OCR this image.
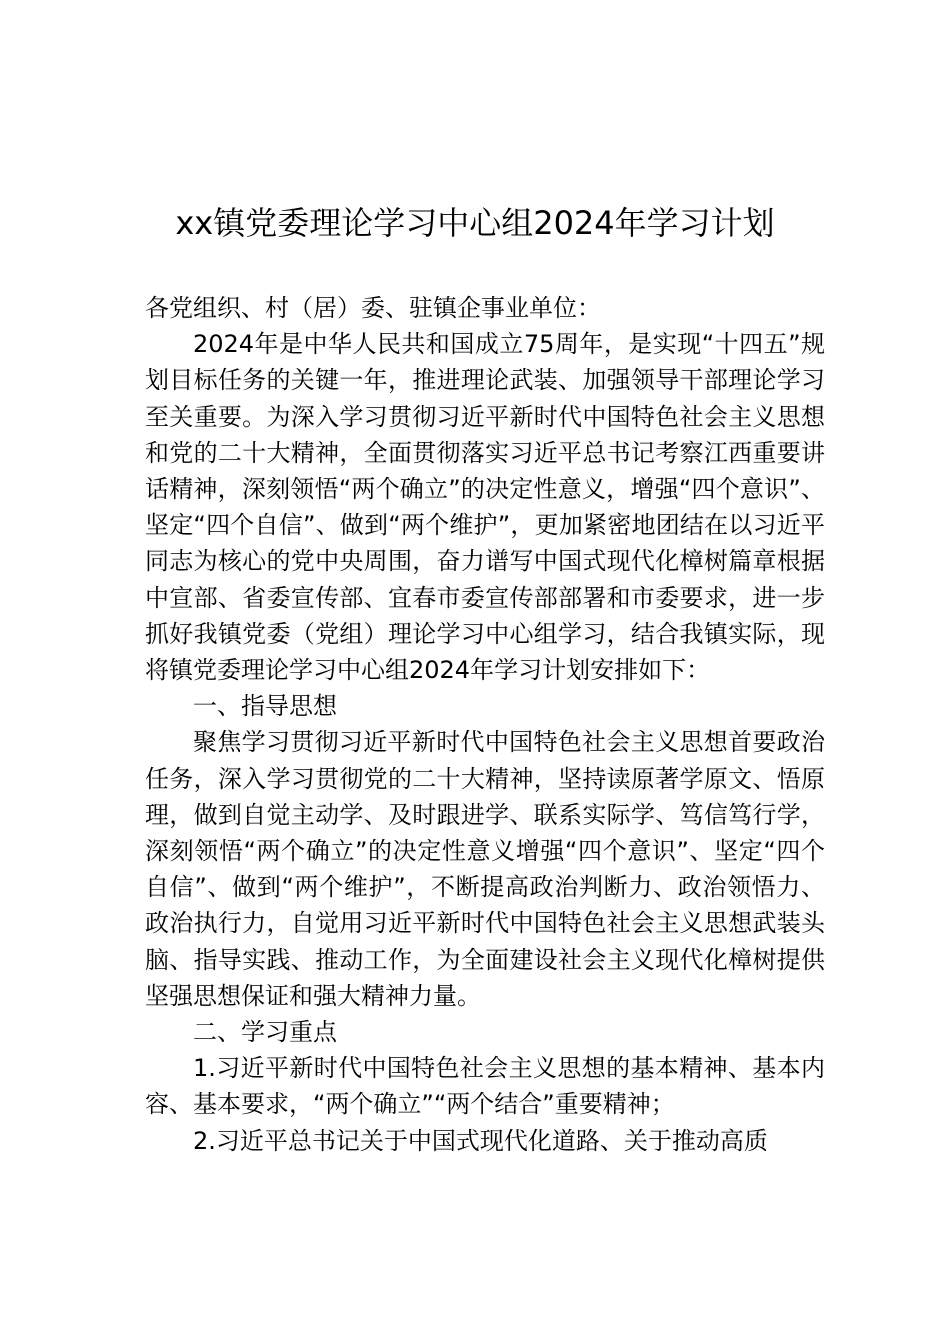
xx镇党委理论学习中心组2024年学习计划

各党组织、村（居）委、驻镇企事业单位：

2024年是中华人民共和国成立75周年，是实现“十四五”规划目标任务的关键一年，推进理论武装、加强领导干部理论学习至关重要。为深入学习贯彻习近平新时代中国特色社会主义思想和党的二十大精神，全面贯彻落实习近平总书记考察江西重要讲话精神，深刻领悟“两个确立”的决定性意义，增强“四个意识”、坚定“四个自信”、做到“两个维护”，更加紧密地团结在以习近平同志为核心的党中央周围，奋力谱写中国式现代化樟树篇章根据中宣部、省委宣传部、宜春市委宣传部部署和市委要求，进一步抓好我镇党委（党组）理论学习中心组学习，结合我镇实际，现将镇党委理论学习中心组2024年学习计划安排如下：

一、指导思想

聚焦学习贯彻习近平新时代中国特色社会主义思想首要政治任务，深入学习贯彻党的二十大精神，坚持读原著学原文、悟原理，做到自觉主动学、及时跟进学、联系实际学、笃信笃行学，深刻领悟“两个确立”的决定性意义增强“四个意识”、坚定“四个自信”、做到“两个维护”，不断提高政治判断力、政治领悟力、政治执行力，自觉用习近平新时代中国特色社会主义思想武装头脑、指导实践、推动工作，为全面建设社会主义现代化樟树提供坚强思想保证和强大精神力量。

二、学习重点

1.习近平新时代中国特色社会主义思想的基本精神、基本内容、基本要求，“两个确立”“两个结合”重要精神；

2.习近平总书记关于中国式现代化道路、关于推动高质
